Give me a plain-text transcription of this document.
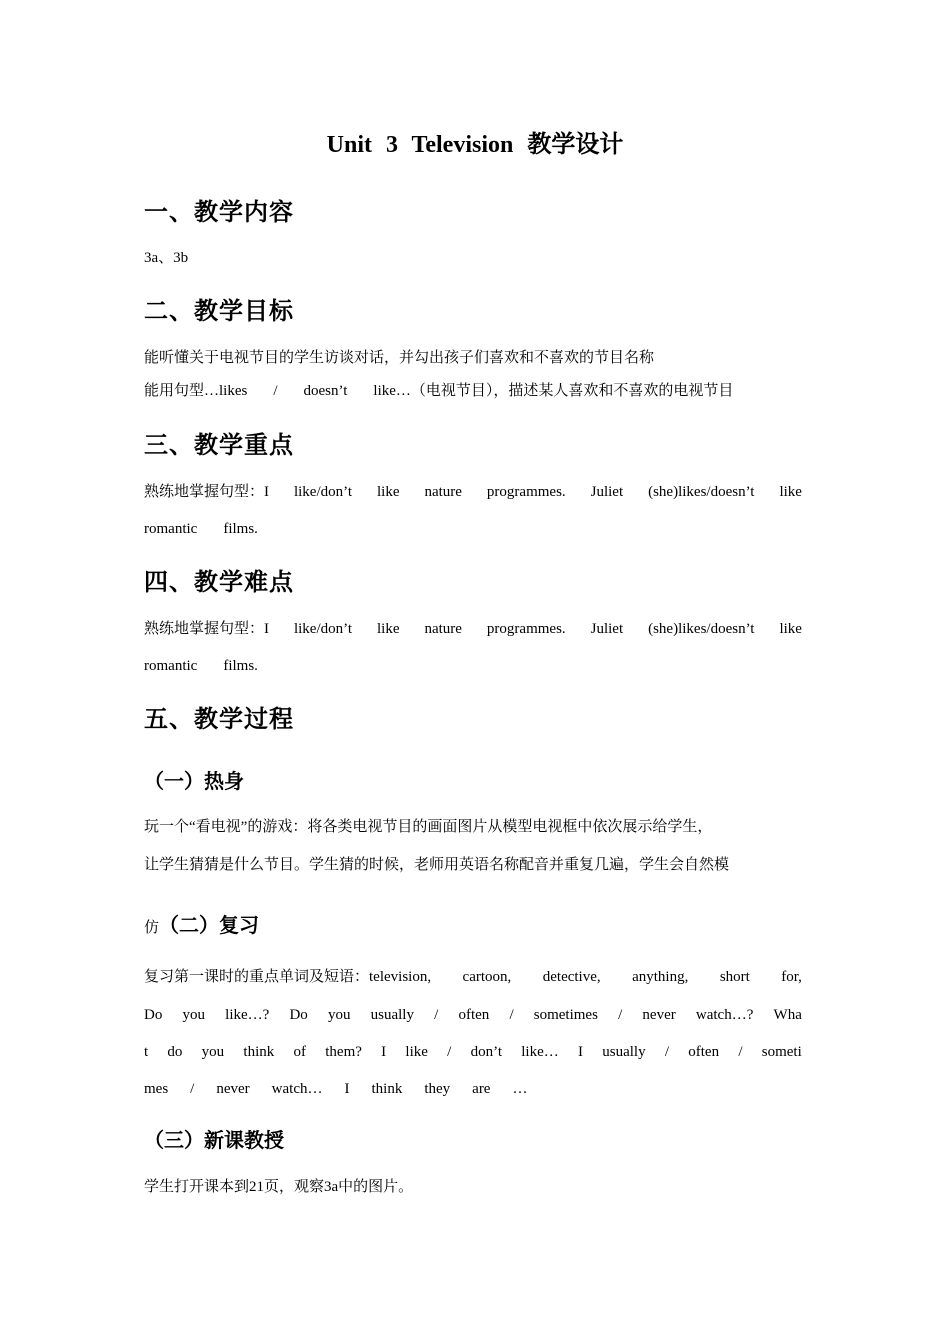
Unit 3 Television 教学设计
一、教学内容
3a、3b
二、教学目标
能听懂关于电视节目的学生访谈对话，并勾出孩子们喜欢和不喜欢的节目名称
能用句型…likes / doesn’t like…（电视节目），描述某人喜欢和不喜欢的电视节目
三、教学重点
熟练地掌握句型：I like/don’t like nature programmes. Juliet (she)likes/doesn’t like
romantic films.
四、教学难点
熟练地掌握句型：I like/don’t like nature programmes. Juliet (she)likes/doesn’t like
romantic films.
五、教学过程
（一）热身
玩一个“看电视”的游戏：将各类电视节目的画面图片从模型电视框中依次展示给学生，
让学生猜猜是什么节目。学生猜的时候，老师用英语名称配音并重复几遍，学生会自然模
仿 （二）复习
复习第一课时的重点单词及短语：television, cartoon, detective, anything, short for,
Do you like…? Do you usually / often / sometimes / never watch…? Wha
t do you think of them? I like / don’t like… I usually / often / someti
mes / never watch… I think they are …
（三）新课教授
学生打开课本到21页，观察3a中的图片。
